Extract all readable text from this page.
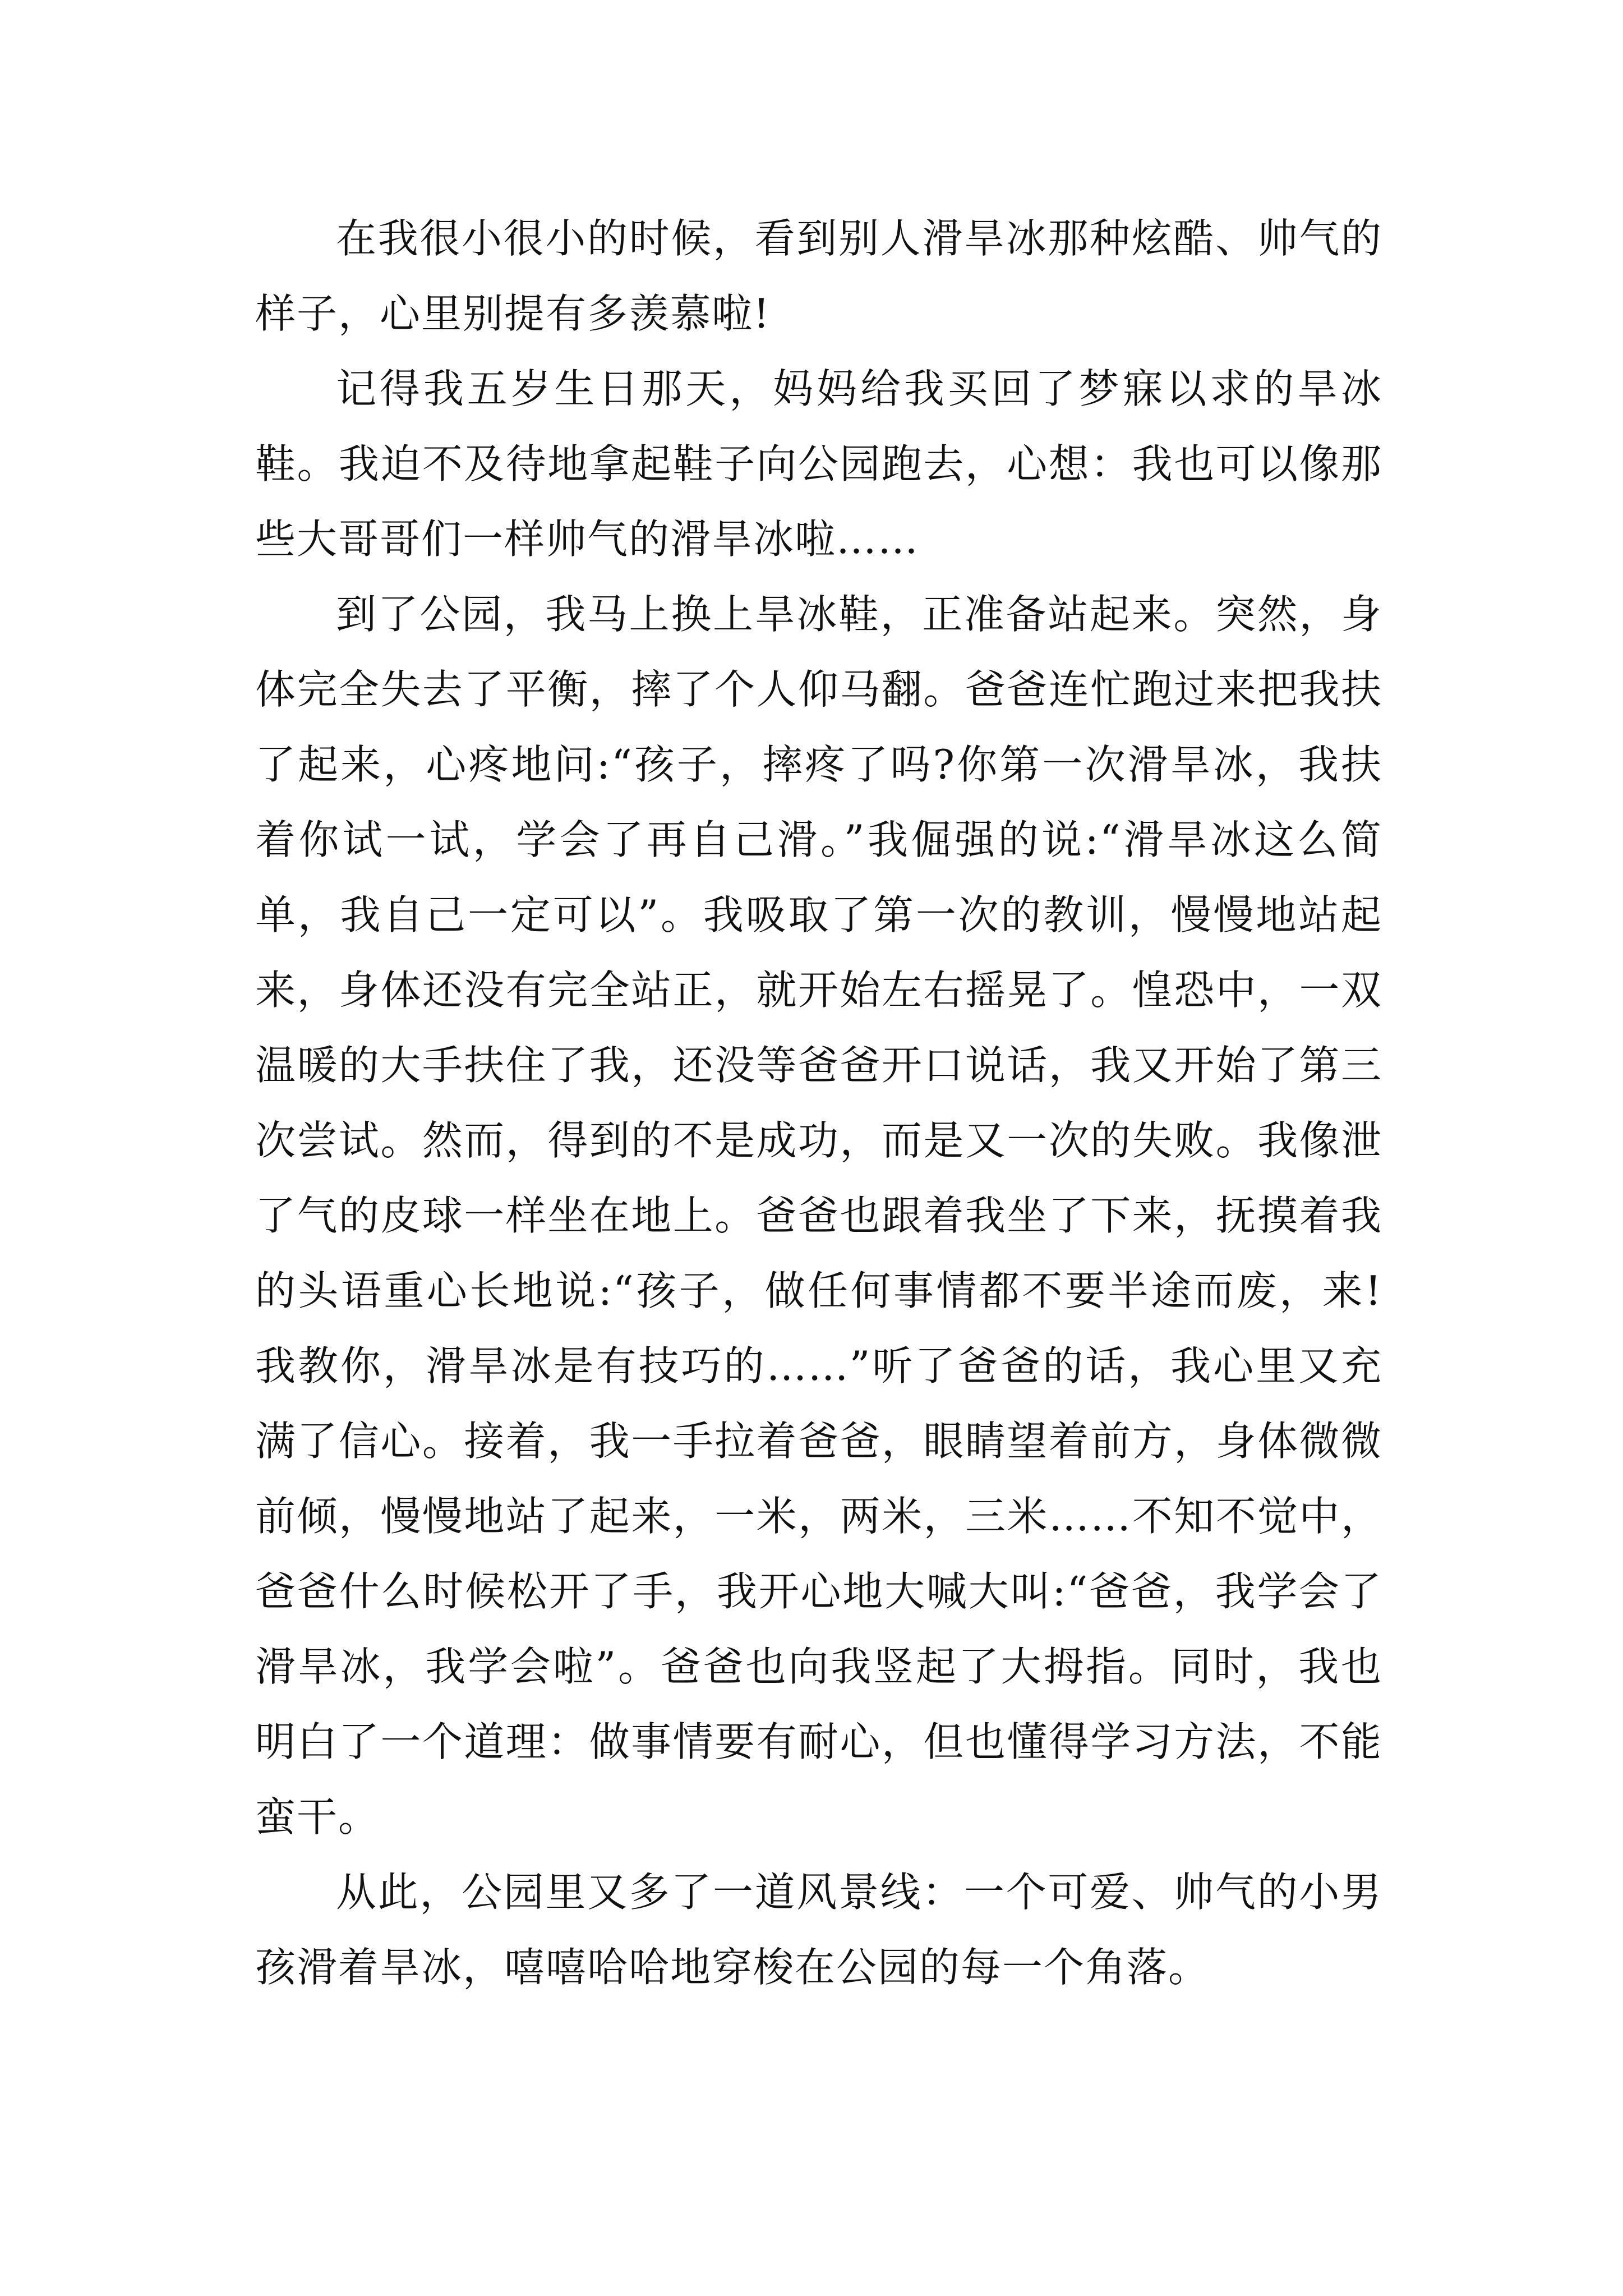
在我很小很小的时候，看到别人滑旱冰那种炫酷、帅气的样子，心里别提有多羡慕啦!

记得我五岁生日那天，妈妈给我买回了梦寐以求的旱冰鞋。我迫不及待地拿起鞋子向公园跑去，心想：我也可以像那些大哥哥们一样帅气的滑旱冰啦……

到了公园，我马上换上旱冰鞋，正准备站起来。突然，身体完全失去了平衡，摔了个人仰马翻。爸爸连忙跑过来把我扶了起来，心疼地问:“孩子，摔疼了吗?你第一次滑旱冰，我扶着你试一试，学会了再自己滑。”我倔强的说:“滑旱冰这么简单，我自己一定可以”。我吸取了第一次的教训，慢慢地站起来，身体还没有完全站正，就开始左右摇晃了。惶恐中，一双温暖的大手扶住了我，还没等爸爸开口说话，我又开始了第三次尝试。然而，得到的不是成功，而是又一次的失败。我像泄了气的皮球一样坐在地上。爸爸也跟着我坐了下来，抚摸着我的头语重心长地说:“孩子，做任何事情都不要半途而废，来!我教你，滑旱冰是有技巧的……”听了爸爸的话，我心里又充满了信心。接着，我一手拉着爸爸，眼睛望着前方，身体微微前倾，慢慢地站了起来，一米，两米，三米……不知不觉中，爸爸什么时候松开了手，我开心地大喊大叫:“爸爸，我学会了滑旱冰，我学会啦”。爸爸也向我竖起了大拇指。同时，我也明白了一个道理：做事情要有耐心，但也懂得学习方法，不能蛮干。

从此，公园里又多了一道风景线：一个可爱、帅气的小男孩滑着旱冰，嘻嘻哈哈地穿梭在公园的每一个角落。
